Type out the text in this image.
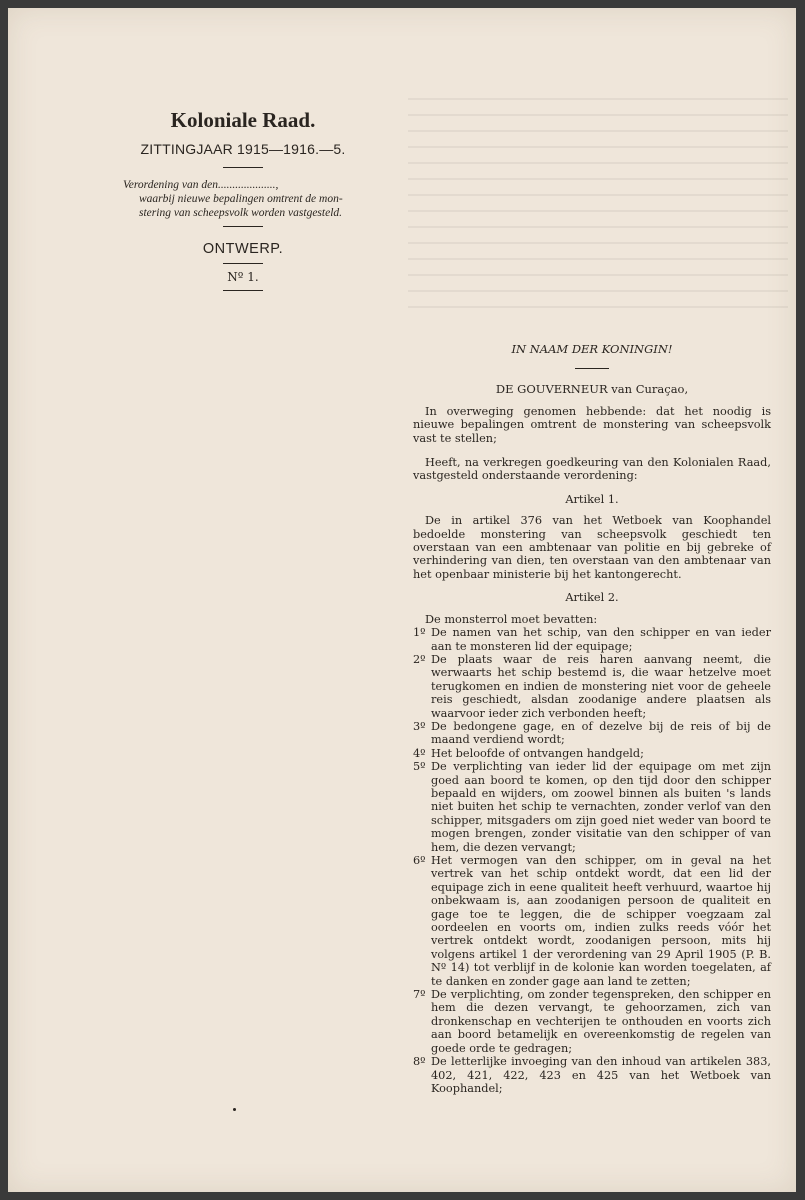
Koloniale Raad.
ZITTINGJAAR 1915—1916.—5.
Verordening van den....................,
waarbij nieuwe bepalingen omtrent de mon-
stering van scheepsvolk worden vastgesteld.
ONTWERP.
Nº 1.
IN NAAM DER KONINGIN!
DE GOUVERNEUR van Curaçao,

In overweging genomen hebbende: dat het noodig is nieuwe bepalingen omtrent de monstering van scheepsvolk vast te stellen;

Heeft, na verkregen goedkeuring van den Kolonialen Raad, vastgesteld onderstaande verordening:

Artikel 1.

De in artikel 376 van het Wetboek van Koophandel bedoelde monstering van scheepsvolk geschiedt ten overstaan van een ambtenaar van politie en bij gebreke of verhindering van dien, ten overstaan van den ambtenaar van het openbaar ministerie bij het kantongerecht.

Artikel 2.
De monsterrol moet bevatten:
1º De namen van het schip, van den schipper en van ieder aan te monsteren lid der equipage;
2º De plaats waar de reis haren aanvang neemt, die werwaarts het schip bestemd is, die waar hetzelve moet terugkomen en indien de monstering niet voor de geheele reis geschiedt, alsdan zoodanige andere plaatsen als waarvoor ieder zich verbonden heeft;
3º De bedongene gage, en of dezelve bij de reis of bij de maand verdiend wordt;
4º Het beloofde of ontvangen handgeld;
5º De verplichting van ieder lid der equipage om met zijn goed aan boord te komen, op den tijd door den schipper bepaald en wijders, om zoowel binnen als buiten 's lands niet buiten het schip te vernachten, zonder verlof van den schipper, mitsgaders om zijn goed niet weder van boord te mogen brengen, zonder visitatie van den schipper of van hem, die dezen vervangt;
6º Het vermogen van den schipper, om in geval na het vertrek van het schip ontdekt wordt, dat een lid der equipage zich in eene qualiteit heeft verhuurd, waartoe hij onbekwaam is, aan zoodanigen persoon de qualiteit en gage toe te leggen, die de schipper voegzaam zal oordeelen en voorts om, indien zulks reeds vóór het vertrek ontdekt wordt, zoodanigen persoon, mits hij volgens artikel 1 der verordening van 29 April 1905 (P. B. Nº 14) tot verblijf in de kolonie kan worden toegelaten, af te danken en zonder gage aan land te zetten;
7º De verplichting, om zonder tegenspreken, den schipper en hem die dezen vervangt, te gehoorzamen, zich van dronkenschap en vechterijen te onthouden en voorts zich aan boord betamelijk en overeenkomstig de regelen van goede orde te gedragen;
8º De letterlijke invoeging van den inhoud van artikelen 383, 402, 421, 422, 423 en 425 van het Wetboek van Koophandel;
